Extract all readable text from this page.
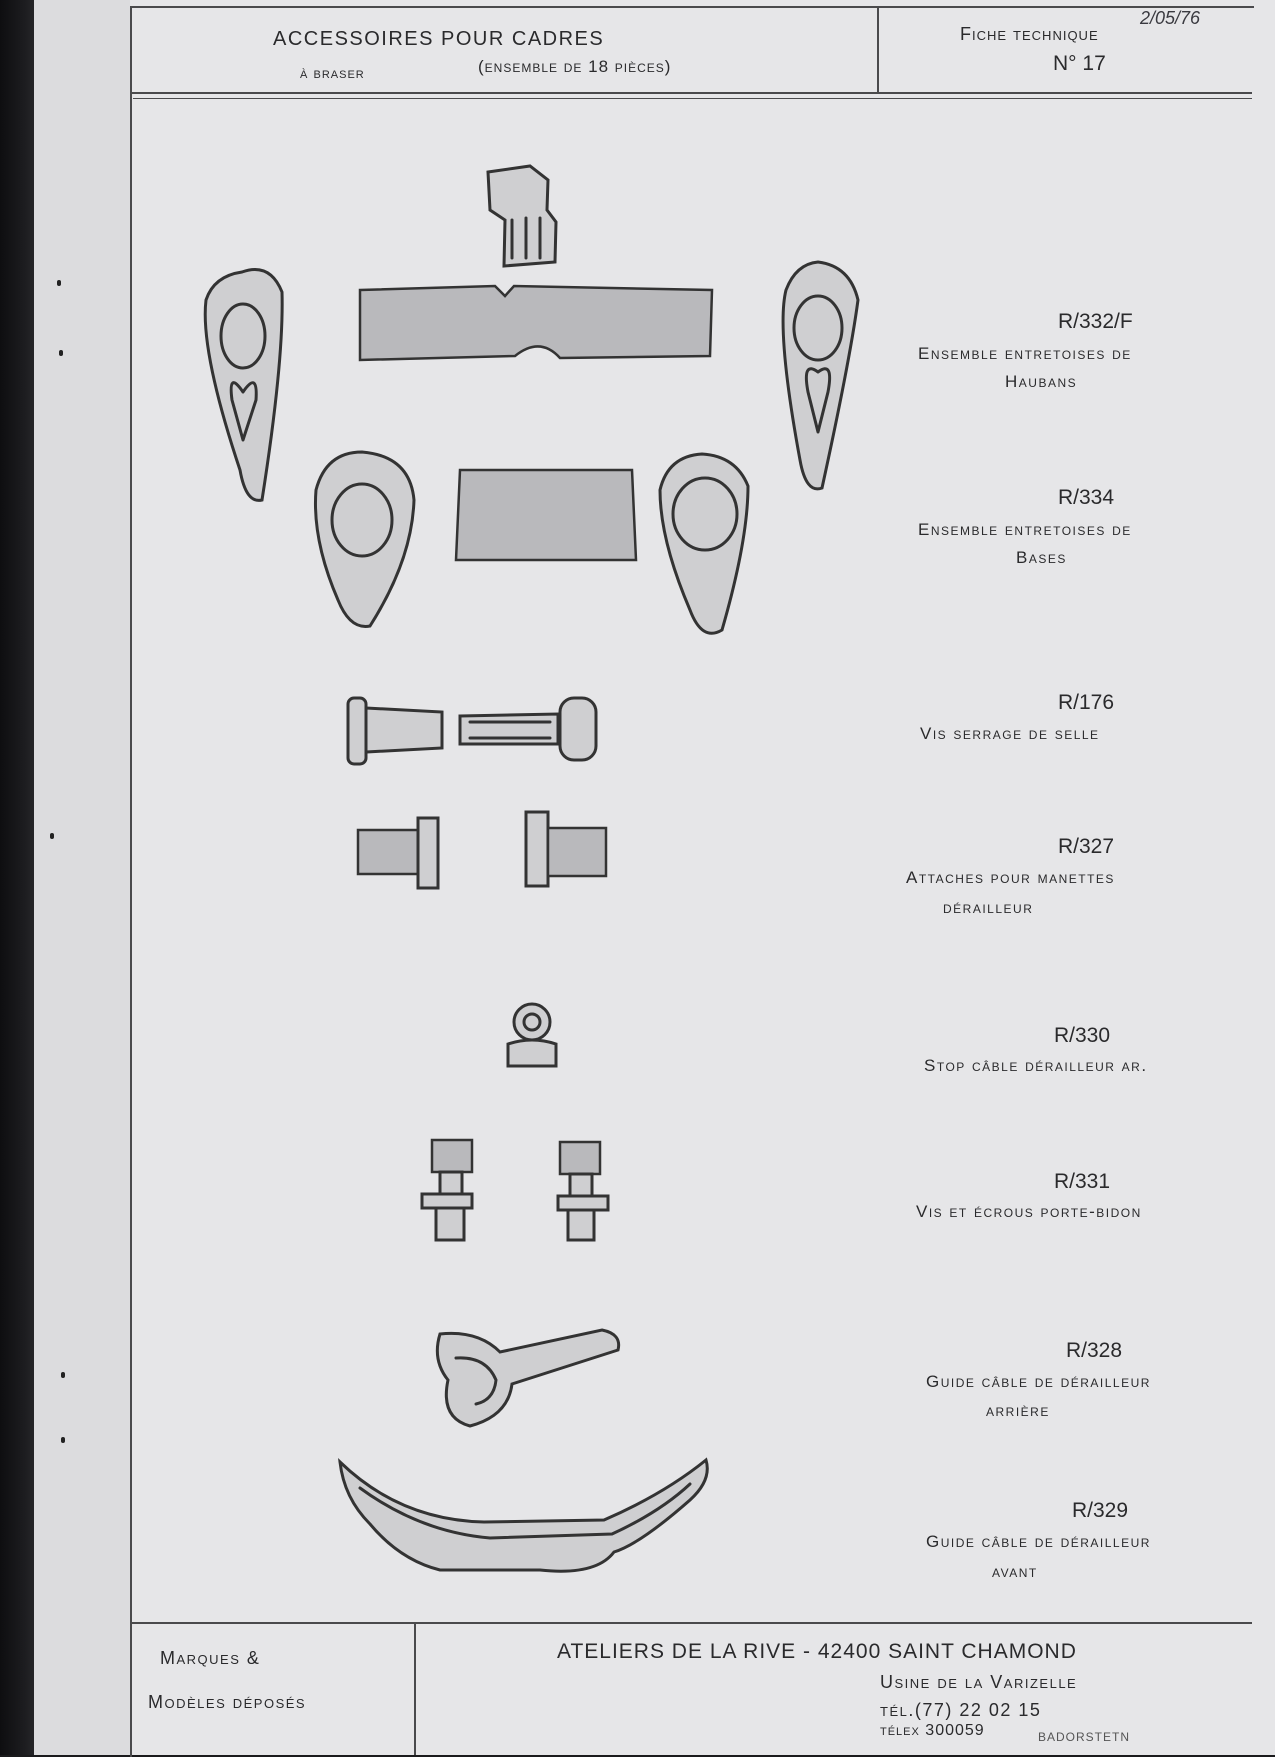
ACCESSOIRES POUR CADRES
à braser	(ensemble de 18 pièces)
Fiche technique
N° 17
2/05/76
R/332/F
Ensemble entretoises de
Haubans
R/334
Ensemble entretoises de
Bases
R/176
Vis serrage de selle
R/327
Attaches pour manettes
dérailleur
R/330
Stop câble dérailleur ar.
R/331
Vis et écrous porte-bidon
R/328
Guide câble de dérailleur
arrière
R/329
Guide câble de dérailleur
avant
Marques &
Modèles déposés
ATELIERS DE LA RIVE - 42400 SAINT CHAMOND
Usine de la Varizelle
tél.(77) 22 02 15
télex 300059	BADORSTETN
